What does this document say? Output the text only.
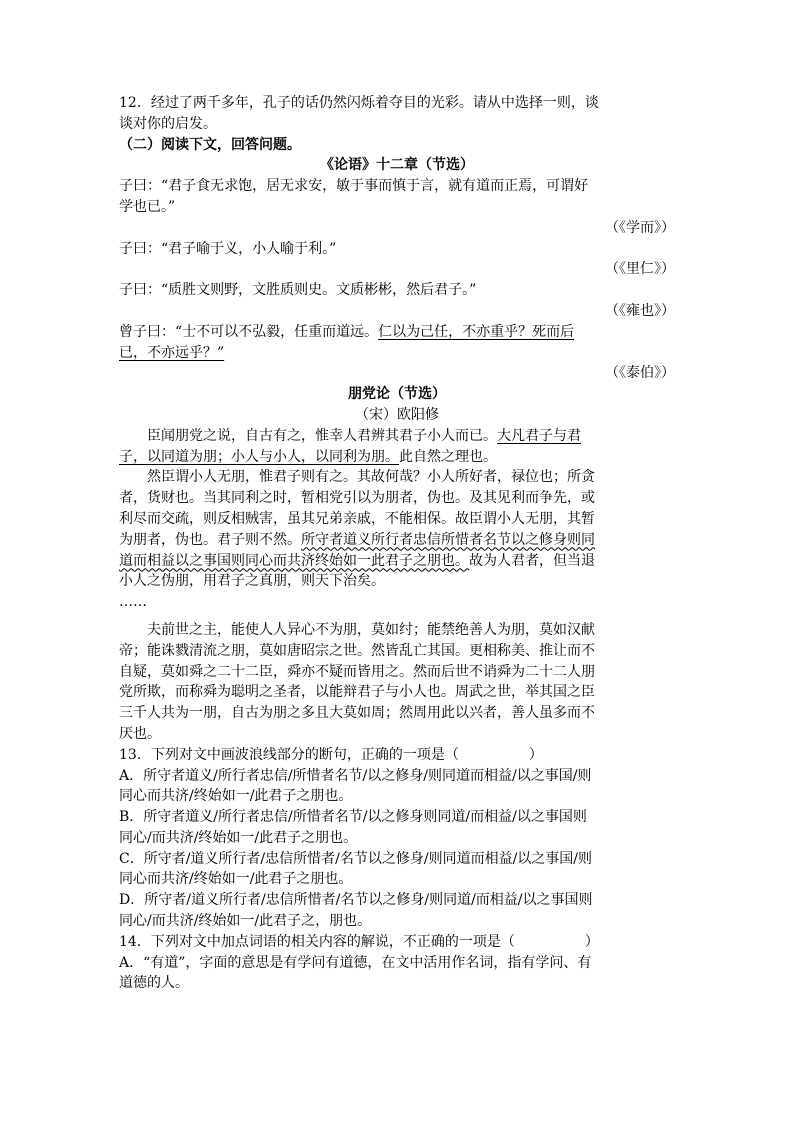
12．经过了两千多年，孔子的话仍然闪烁着夺目的光彩。请从中选择一则，谈
谈对你的启发。
（二）阅读下文，回答问题。
《论语》十二章（节选）
子曰：“君子食无求饱，居无求安，敏于事而慎于言，就有道而正焉，可谓好
学也已。”
（《学而》）
子曰：“君子喻于义，小人喻于利。”
（《里仁》）
子曰：“质胜文则野，文胜质则史。文质彬彬，然后君子。”
（《雍也》）
曾子曰：“士不可以不弘毅，任重而道远。仁以为己任，不亦重乎？死而后
已，不亦远乎？”
（《泰伯》）
朋党论（节选）
（宋）欧阳修
臣闻朋党之说，自古有之，惟幸人君辨其君子小人而已。大凡君子与君
子，以同道为朋；小人与小人，以同利为朋。此自然之理也。
然臣谓小人无朋，惟君子则有之。其故何哉？小人所好者，禄位也；所贪
者，货财也。当其同利之时，暂相党引以为朋者，伪也。及其见利而争先，或
利尽而交疏，则反相贼害，虽其兄弟亲戚，不能相保。故臣谓小人无朋，其暂
为朋者，伪也。君子则不然。所守者道义所行者忠信所惜者名节以之修身则同
道而相益以之事国则同心而共济终始如一此君子之朋也。故为人君者，但当退
小人之伪朋，用君子之真朋，则天下治矣。
……
夫前世之主，能使人人异心不为朋，莫如纣；能禁绝善人为朋，莫如汉献
帝；能诛戮清流之朋，莫如唐昭宗之世。然皆乱亡其国。更相称美、推让而不
自疑，莫如舜之二十二臣，舜亦不疑而皆用之。然而后世不诮舜为二十二人朋
党所欺，而称舜为聪明之圣者，以能辩君子与小人也。周武之世，举其国之臣
三千人共为一朋，自古为朋之多且大莫如周；然周用此以兴者，善人虽多而不
厌也。
13．下列对文中画波浪线部分的断句，正确的一项是（　　　　　）
A．所守者道义/所行者忠信/所惜者名节/以之修身/则同道而相益/以之事国/则
同心而共济/终始如一/此君子之朋也。
B．所守者道义/所行者忠信/所惜者名节/以之修身则同道/而相益/以之事国则
同心/而共济/终始如一/此君子之朋也。
C．所守者/道义所行者/忠信所惜者/名节以之修身/则同道而相益/以之事国/则
同心而共济/终始如一/此君子之朋也。
D．所守者/道义所行者/忠信所惜者/名节以之修身/则同道/而相益/以之事国则
同心/而共济/终始如一/此君子之，朋也。
14．下列对文中加点词语的相关内容的解说，不正确的一项是（　　　　　）
A．“有道”，字面的意思是有学问有道德，在文中活用作名词，指有学问、有
道德的人。
